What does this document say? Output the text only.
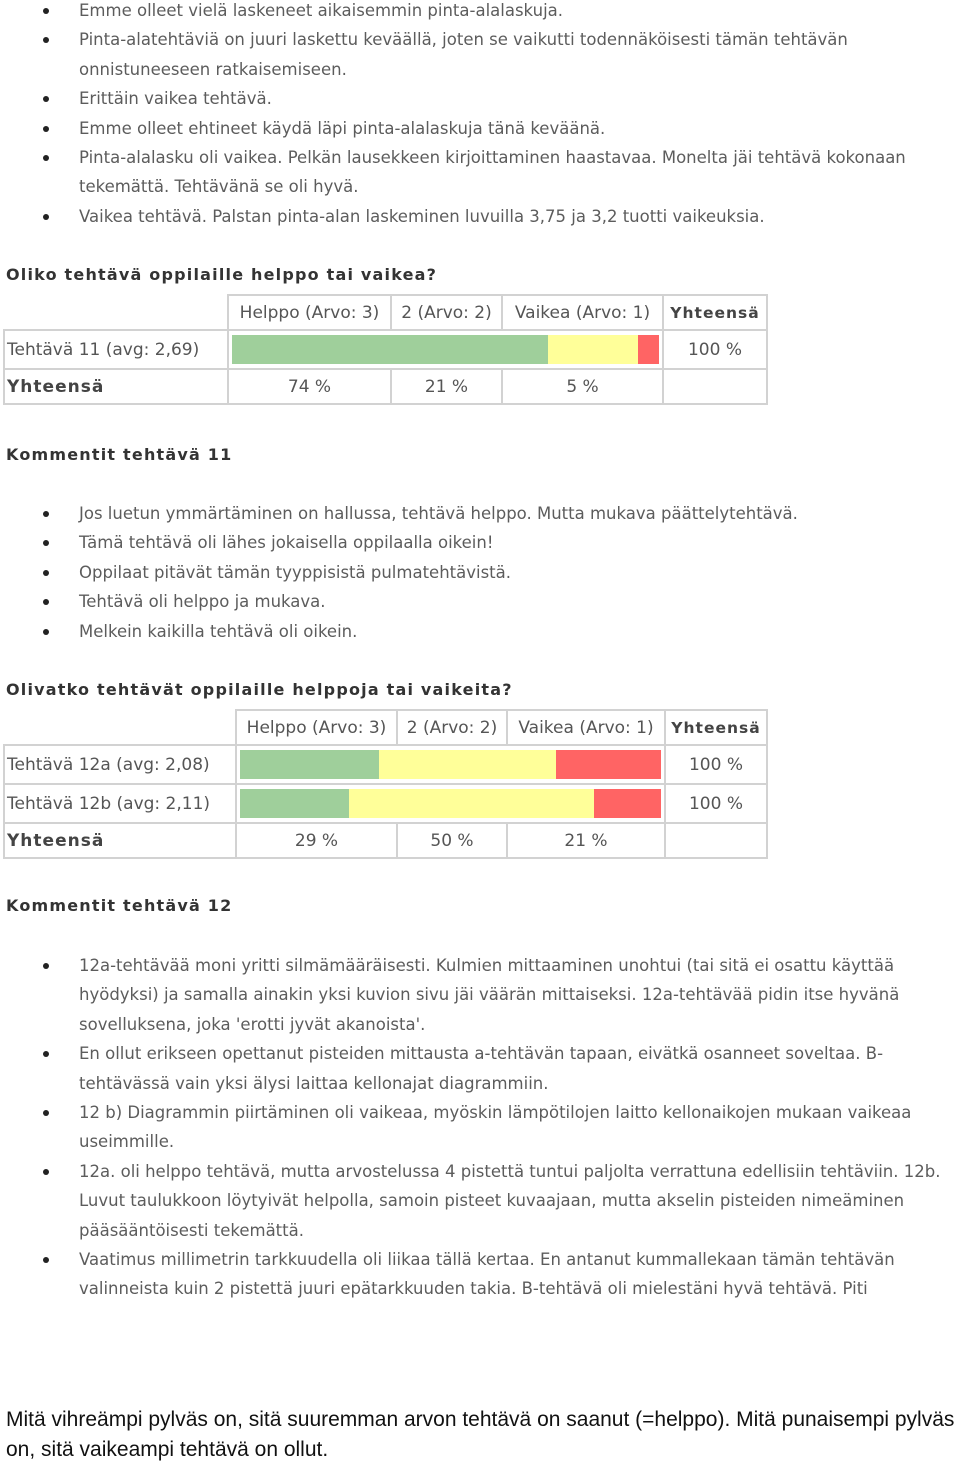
Emme olleet vielä laskeneet aikaisemmin pinta-alalaskuja.
Pinta-alatehtäviä on juuri laskettu keväällä, joten se vaikutti todennäköisesti tämän tehtävän onnistuneeseen ratkaisemiseen.
Erittäin vaikea tehtävä.
Emme olleet ehtineet käydä läpi pinta-alalaskuja tänä keväänä.
Pinta-alalasku oli vaikea. Pelkän lausekkeen kirjoittaminen haastavaa. Monelta jäi tehtävä kokonaan tekemättä. Tehtävänä se oli hyvä.
Vaikea tehtävä. Palstan pinta-alan laskeminen luvuilla 3,75 ja 3,2 tuotti vaikeuksia.
Oliko tehtävä oppilaille helppo tai vaikea?
	Helppo (Arvo: 3)	2 (Arvo: 2)	Vaikea (Arvo: 1)	Yhteensä
Tehtävä 11 (avg: 2,69)				100 %
Yhteensä	74 %	21 %	5 %	
Kommentit tehtävä 11
Jos luetun ymmärtäminen on hallussa, tehtävä helppo. Mutta mukava päättelytehtävä.
Tämä tehtävä oli lähes jokaisella oppilaalla oikein!
Oppilaat pitävät tämän tyyppisistä pulmatehtävistä.
Tehtävä oli helppo ja mukava.
Melkein kaikilla tehtävä oli oikein.
Olivatko tehtävät oppilaille helppoja tai vaikeita?
	Helppo (Arvo: 3)	2 (Arvo: 2)	Vaikea (Arvo: 1)	Yhteensä
Tehtävä 12a (avg: 2,08)				100 %
Tehtävä 12b (avg: 2,11)				100 %
Yhteensä	29 %	50 %	21 %	
Kommentit tehtävä 12
12a-tehtävää moni yritti silmämääräisesti. Kulmien mittaaminen unohtui (tai sitä ei osattu käyttää hyödyksi) ja samalla ainakin yksi kuvion sivu jäi väärän mittaiseksi. 12a-tehtävää pidin itse hyvänä sovelluksena, joka 'erotti jyvät akanoista'.
En ollut erikseen opettanut pisteiden mittausta a-tehtävän tapaan, eivätkä osanneet soveltaa. B-tehtävässä vain yksi älysi laittaa kellonajat diagrammiin.
12 b) Diagrammin piirtäminen oli vaikeaa, myöskin lämpötilojen laitto kellonaikojen mukaan vaikeaa useimmille.
12a. oli helppo tehtävä, mutta arvostelussa 4 pistettä tuntui paljolta verrattuna edellisiin tehtäviin. 12b. Luvut taulukkoon löytyivät helpolla, samoin pisteet kuvaajaan, mutta akselin pisteiden nimeäminen pääsääntöisesti tekemättä.
Vaatimus millimetrin tarkkuudella oli liikaa tällä kertaa. En antanut kummallekaan tämän tehtävän valinneista kuin 2 pistettä juuri epätarkkuuden takia. B-tehtävä oli mielestäni hyvä tehtävä. Piti

Mitä vihreämpi pylväs on, sitä suuremman arvon tehtävä on saanut (=helppo). Mitä punaisempi pylväs on, sitä vaikeampi tehtävä on ollut.
